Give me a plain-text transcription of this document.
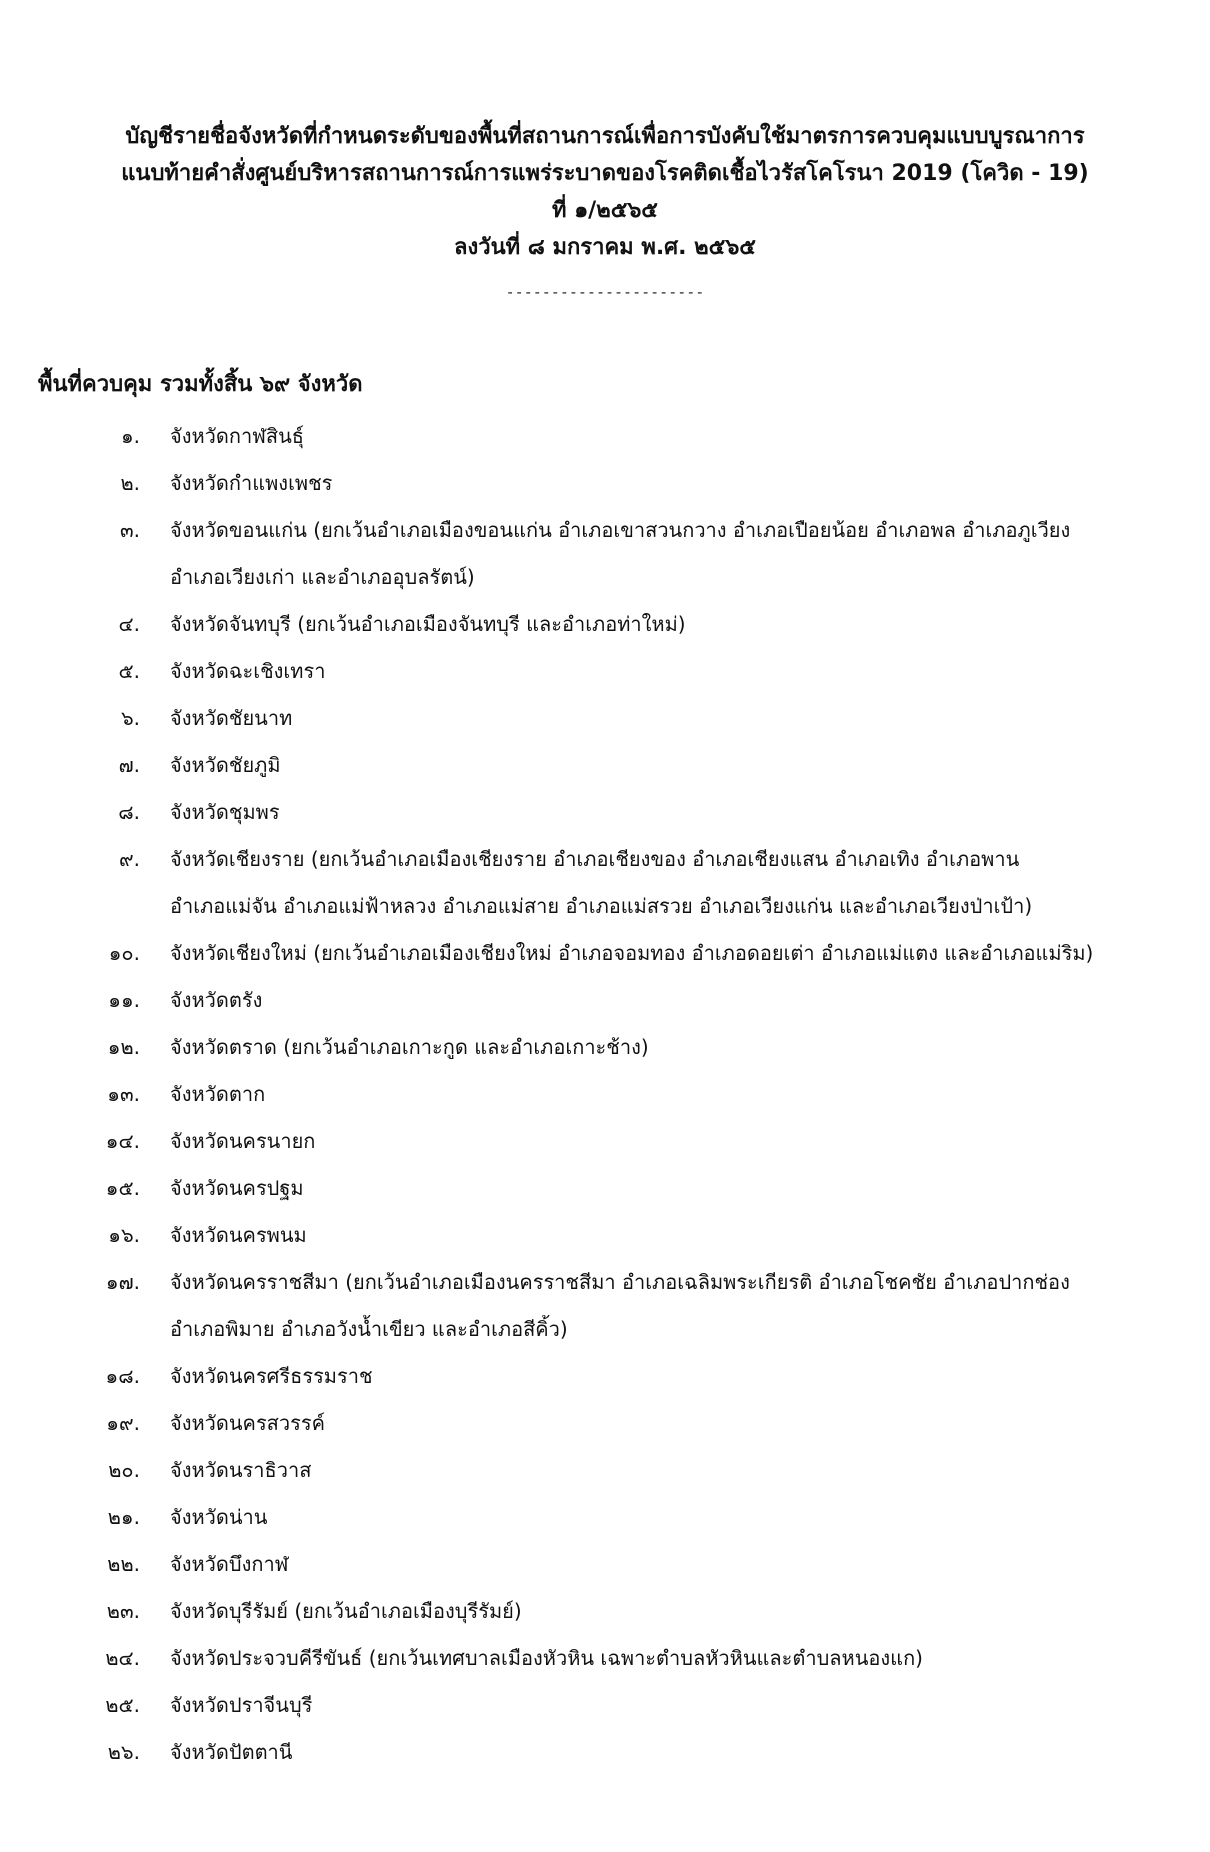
บัญชีรายชื่อจังหวัดที่กำหนดระดับของพื้นที่สถานการณ์เพื่อการบังคับใช้มาตรการควบคุมแบบบูรณาการ
แนบท้ายคำสั่งศูนย์บริหารสถานการณ์การแพร่ระบาดของโรคติดเชื้อไวรัสโคโรนา 2019 (โควิด - 19)
ที่ ๑/๒๕๖๕
ลงวันที่ ๘ มกราคม พ.ศ. ๒๕๖๕
----------------------
พื้นที่ควบคุม รวมทั้งสิ้น ๖๙ จังหวัด
๑. จังหวัดกาฬสินธุ์
๒. จังหวัดกำแพงเพชร
๓. จังหวัดขอนแก่น (ยกเว้นอำเภอเมืองขอนแก่น อำเภอเขาสวนกวาง อำเภอเปือยน้อย อำเภอพล อำเภอภูเวียง
อำเภอเวียงเก่า และอำเภออุบลรัตน์)
๔. จังหวัดจันทบุรี (ยกเว้นอำเภอเมืองจันทบุรี และอำเภอท่าใหม่)
๕. จังหวัดฉะเชิงเทรา
๖. จังหวัดชัยนาท
๗. จังหวัดชัยภูมิ
๘. จังหวัดชุมพร
๙. จังหวัดเชียงราย (ยกเว้นอำเภอเมืองเชียงราย อำเภอเชียงของ อำเภอเชียงแสน อำเภอเทิง อำเภอพาน
อำเภอแม่จัน อำเภอแม่ฟ้าหลวง อำเภอแม่สาย อำเภอแม่สรวย อำเภอเวียงแก่น และอำเภอเวียงป่าเป้า)
๑๐. จังหวัดเชียงใหม่ (ยกเว้นอำเภอเมืองเชียงใหม่ อำเภอจอมทอง อำเภอดอยเต่า อำเภอแม่แตง และอำเภอแม่ริม)
๑๑. จังหวัดตรัง
๑๒. จังหวัดตราด (ยกเว้นอำเภอเกาะกูด และอำเภอเกาะช้าง)
๑๓. จังหวัดตาก
๑๔. จังหวัดนครนายก
๑๕. จังหวัดนครปฐม
๑๖. จังหวัดนครพนม
๑๗. จังหวัดนครราชสีมา (ยกเว้นอำเภอเมืองนครราชสีมา อำเภอเฉลิมพระเกียรติ อำเภอโชคชัย อำเภอปากช่อง
อำเภอพิมาย อำเภอวังน้ำเขียว และอำเภอสีคิ้ว)
๑๘. จังหวัดนครศรีธรรมราช
๑๙. จังหวัดนครสวรรค์
๒๐. จังหวัดนราธิวาส
๒๑. จังหวัดน่าน
๒๒. จังหวัดบึงกาฬ
๒๓. จังหวัดบุรีรัมย์ (ยกเว้นอำเภอเมืองบุรีรัมย์)
๒๔. จังหวัดประจวบคีรีขันธ์ (ยกเว้นเทศบาลเมืองหัวหิน เฉพาะตำบลหัวหินและตำบลหนองแก)
๒๕. จังหวัดปราจีนบุรี
๒๖. จังหวัดปัตตานี
